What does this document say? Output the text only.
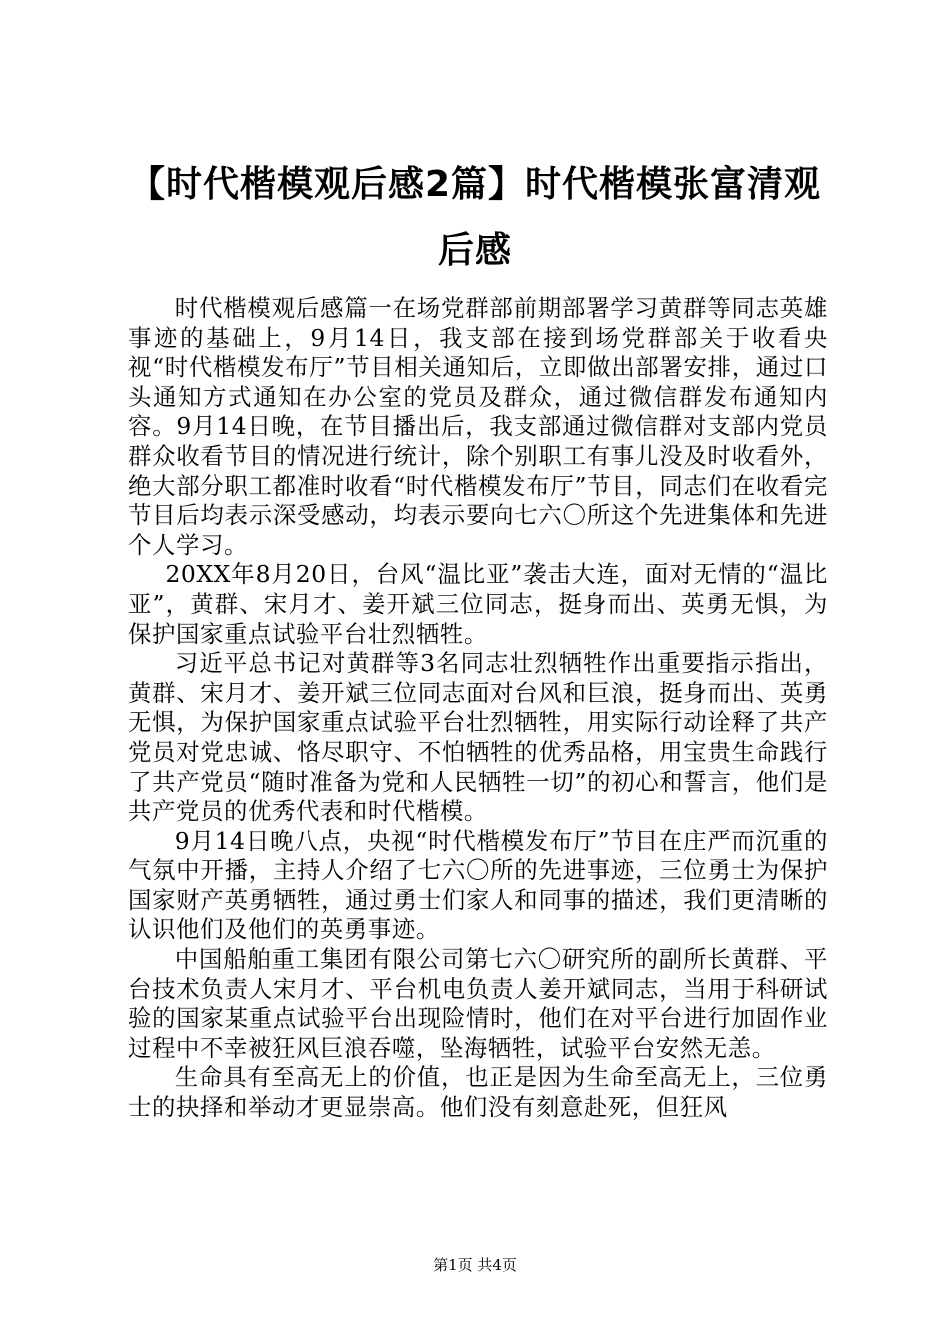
【时代楷模观后感2篇】时代楷模张富清观后感

时代楷模观后感篇一在场党群部前期部署学习黄群等同志英雄事迹的基础上，9月14日，我支部在接到场党群部关于收看央视“时代楷模发布厅”节目相关通知后，立即做出部署安排，通过口头通知方式通知在办公室的党员及群众，通过微信群发布通知内容。9月14日晚，在节目播出后，我支部通过微信群对支部内党员群众收看节目的情况进行统计，除个别职工有事儿没及时收看外，绝大部分职工都准时收看“时代楷模发布厅”节目，同志们在收看完节目后均表示深受感动，均表示要向七六〇所这个先进集体和先进个人学习。

20XX年8月20日，台风“温比亚”袭击大连，面对无情的“温比亚”，黄群、宋月才、姜开斌三位同志，挺身而出、英勇无惧，为保护国家重点试验平台壮烈牺牲。

习近平总书记对黄群等3名同志壮烈牺牲作出重要指示指出，黄群、宋月才、姜开斌三位同志面对台风和巨浪，挺身而出、英勇无惧，为保护国家重点试验平台壮烈牺牲，用实际行动诠释了共产党员对党忠诚、恪尽职守、不怕牺牲的优秀品格，用宝贵生命践行了共产党员“随时准备为党和人民牺牲一切”的初心和誓言，他们是共产党员的优秀代表和时代楷模。

9月14日晚八点，央视“时代楷模发布厅”节目在庄严而沉重的气氛中开播，主持人介绍了七六〇所的先进事迹，三位勇士为保护国家财产英勇牺牲，通过勇士们家人和同事的描述，我们更清晰的认识他们及他们的英勇事迹。

中国船舶重工集团有限公司第七六〇研究所的副所长黄群、平台技术负责人宋月才、平台机电负责人姜开斌同志，当用于科研试验的国家某重点试验平台出现险情时，他们在对平台进行加固作业过程中不幸被狂风巨浪吞噬，坠海牺牲，试验平台安然无恙。

生命具有至高无上的价值，也正是因为生命至高无上，三位勇士的抉择和举动才更显崇高。他们没有刻意赴死，但狂风

第1页 共4页
